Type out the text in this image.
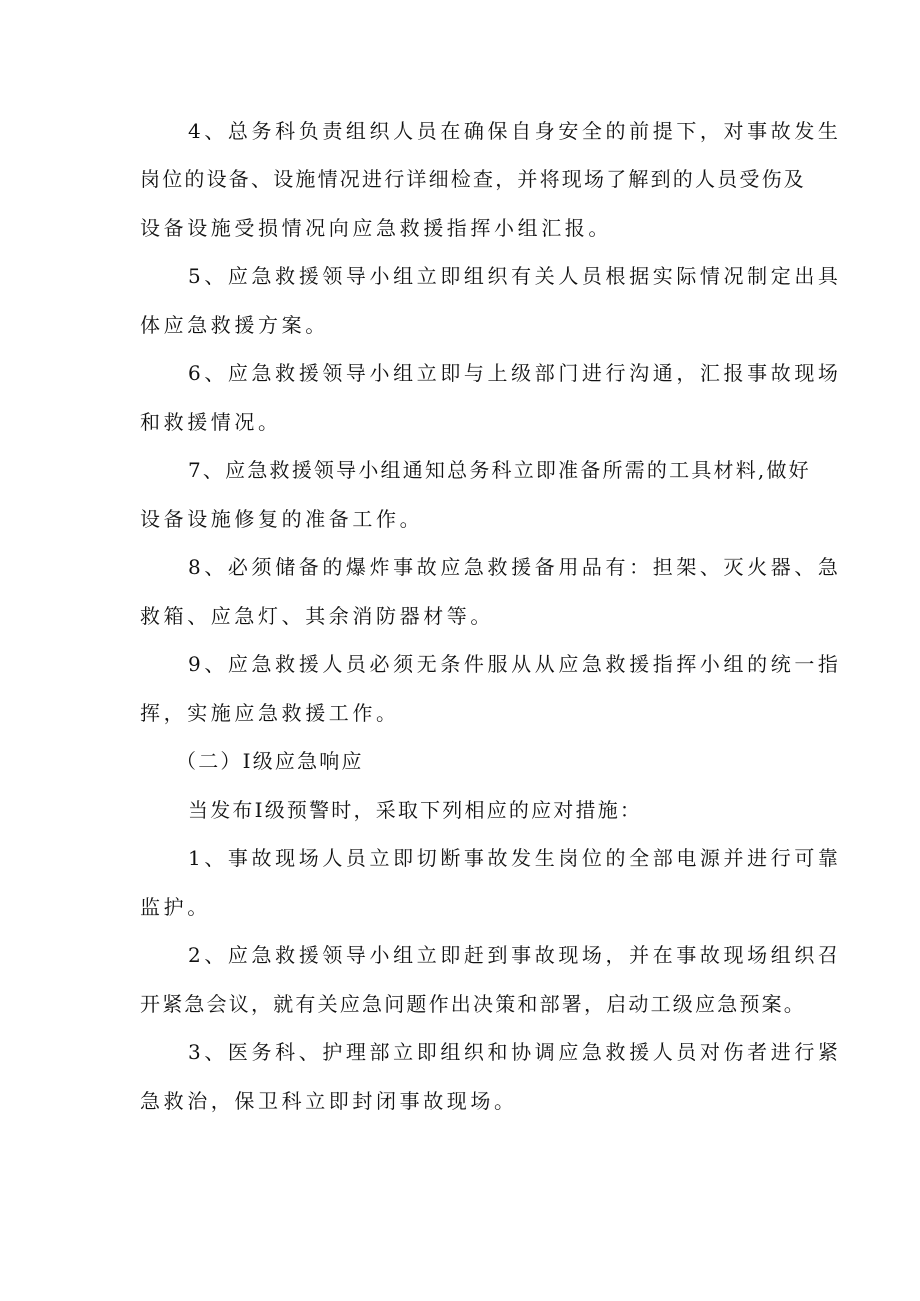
4、总务科负责组织人员在确保自身安全的前提下，对事故发生
岗位的设备、设施情况进行详细检查，并将现场了解到的人员受伤及
设备设施受损情况向应急救援指挥小组汇报。
5、应急救援领导小组立即组织有关人员根据实际情况制定出具
体应急救援方案。
6、应急救援领导小组立即与上级部门进行沟通，汇报事故现场
和救援情况。
7、应急救援领导小组通知总务科立即准备所需的工具材料,做好
设备设施修复的准备工作。
8、必须储备的爆炸事故应急救援备用品有：担架、灭火器、急
救箱、应急灯、其余消防器材等。
9、应急救援人员必须无条件服从从应急救援指挥小组的统一指
挥，实施应急救援工作。
（二）I级应急响应
当发布I级预警时，采取下列相应的应对措施：
1、事故现场人员立即切断事故发生岗位的全部电源并进行可靠
监护。
2、应急救援领导小组立即赶到事故现场，并在事故现场组织召
开紧急会议，就有关应急问题作出决策和部署，启动工级应急预案。
3、医务科、护理部立即组织和协调应急救援人员对伤者进行紧
急救治，保卫科立即封闭事故现场。
